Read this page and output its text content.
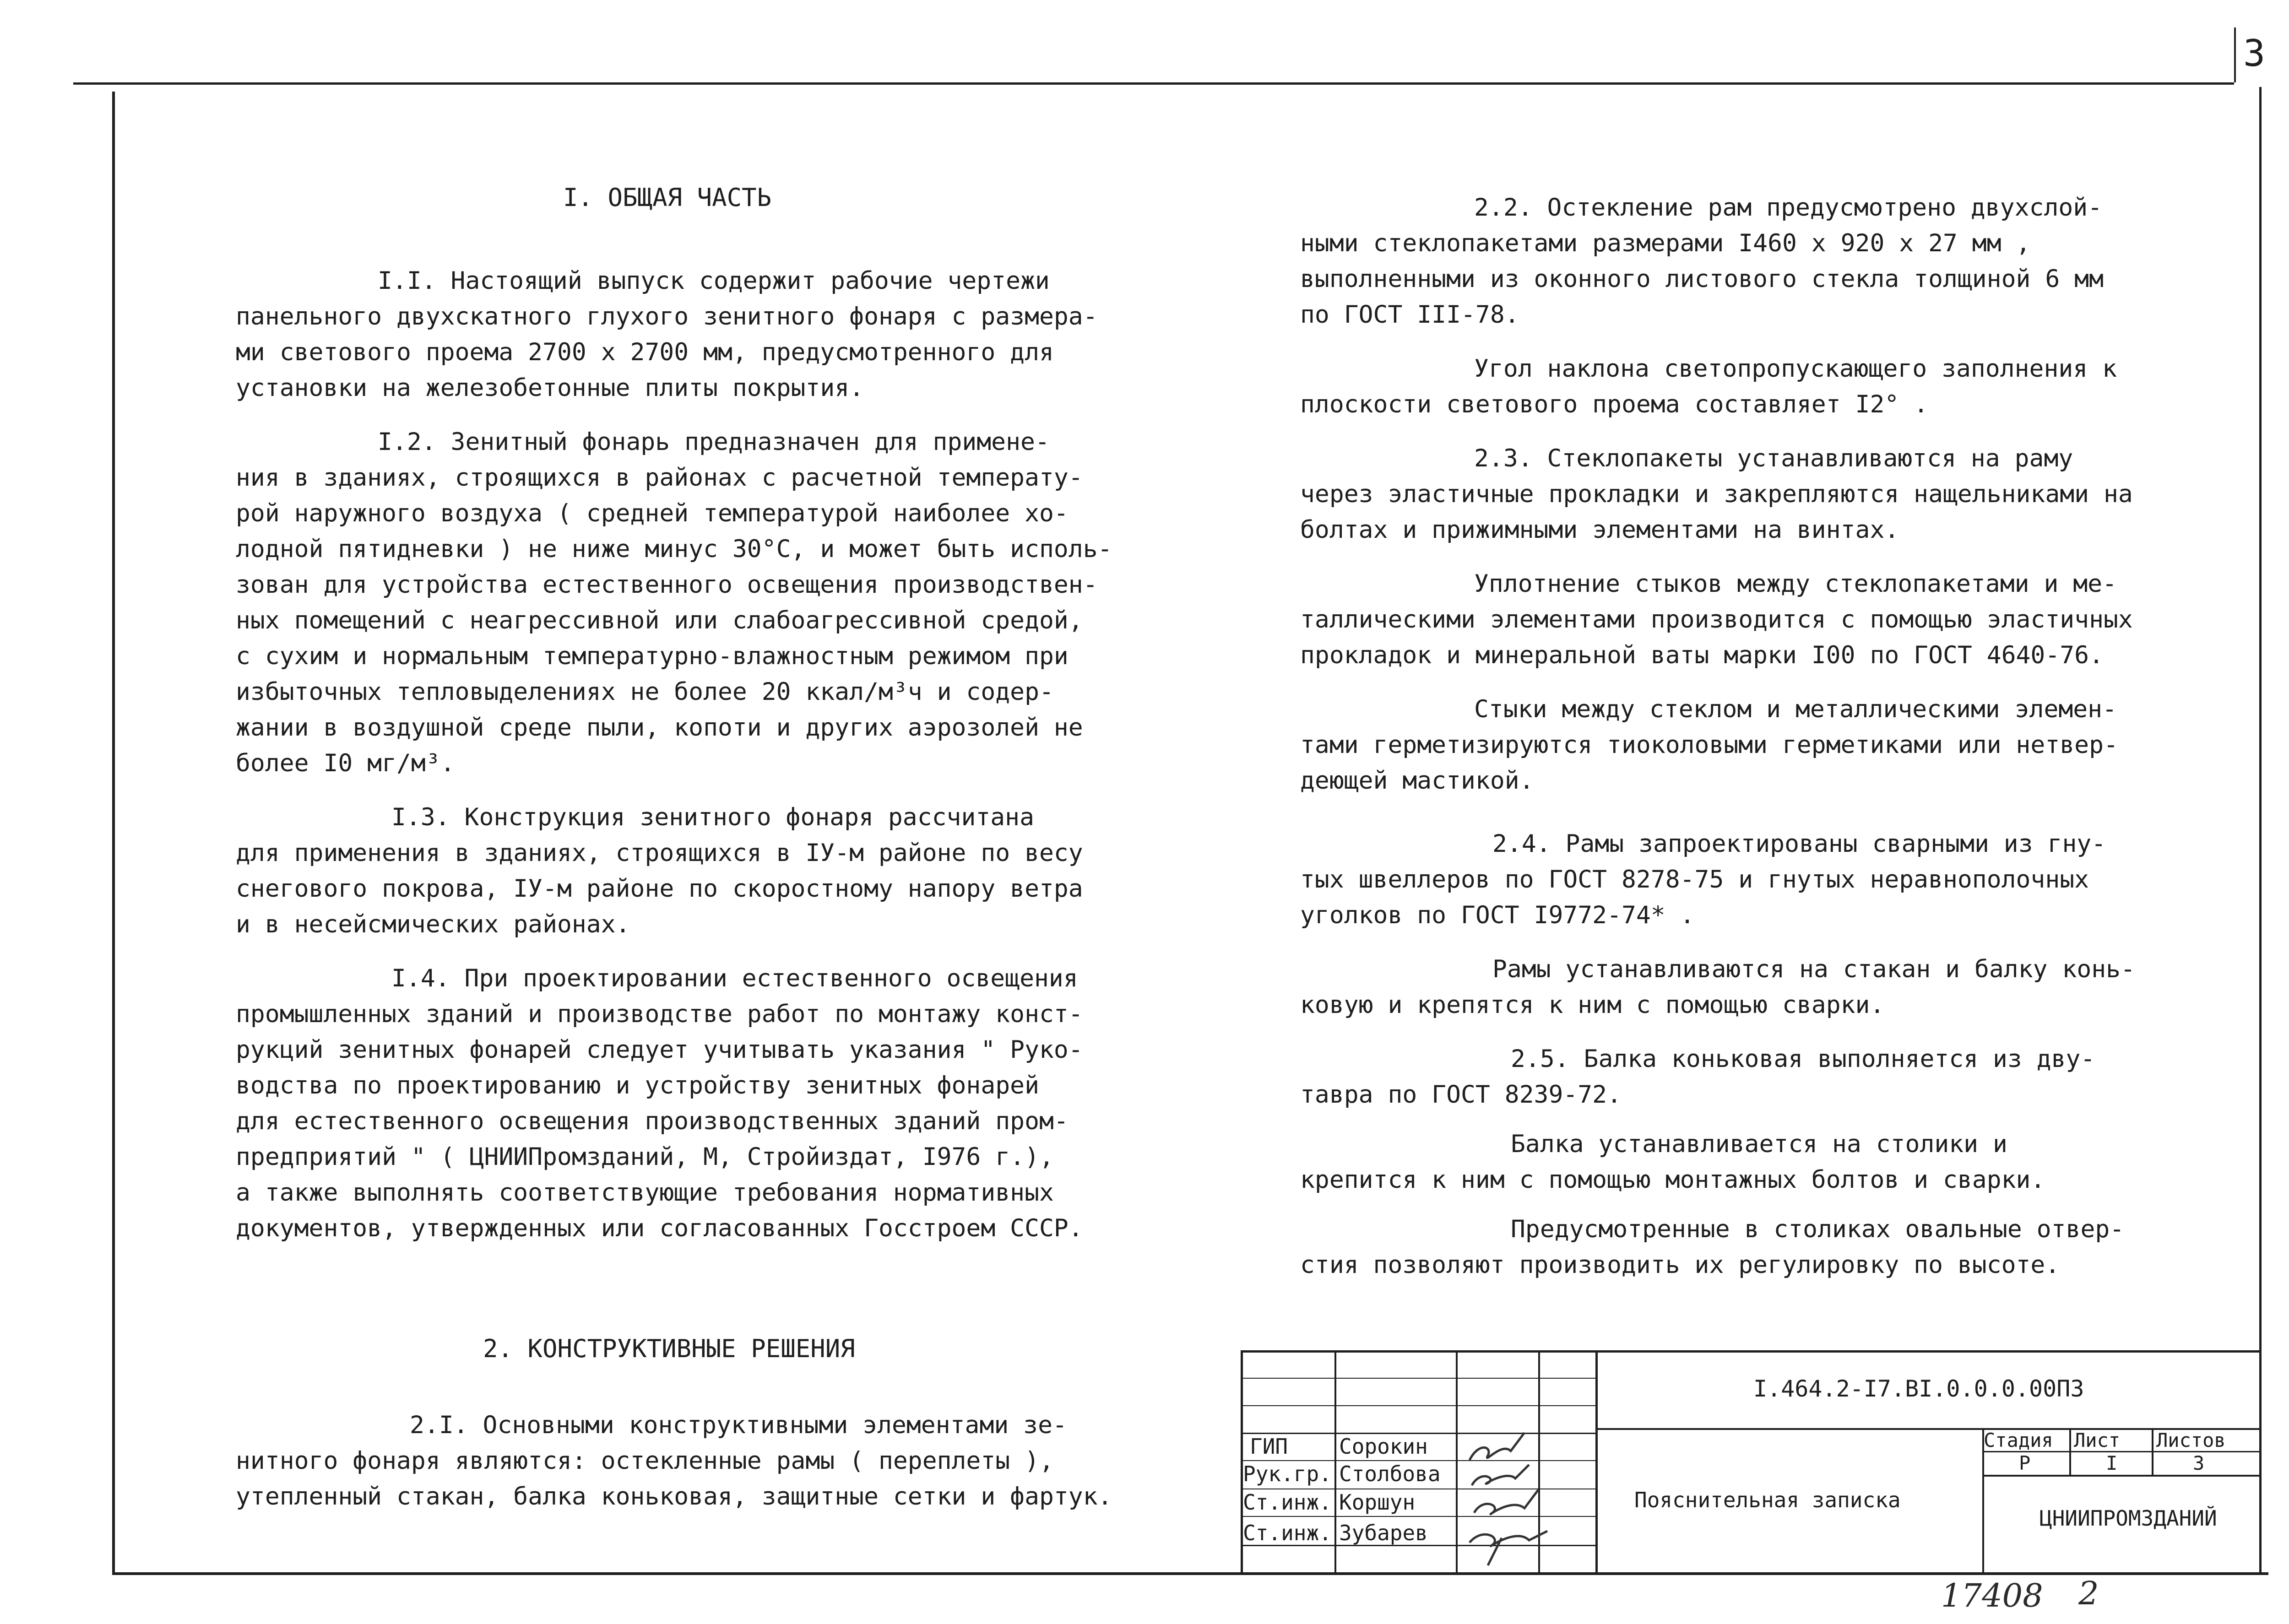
3
I. ОБЩАЯ ЧАСТЬ

I.I. Настоящий выпуск содержит рабочие чертежи
панельного двухскатного глухого зенитного фонаря с размера-
ми светового проема 2700 х 2700 мм, предусмотренного для
установки на железобетонные плиты покрытия.

I.2. Зенитный фонарь предназначен для примене-
ния в зданиях, строящихся в районах с расчетной температу-
рой наружного воздуха ( средней температурой наиболее хо-
лодной пятидневки ) не ниже минус 30°С, и может быть исполь-
зован для устройства естественного освещения производствен-
ных помещений с неагрессивной или слабоагрессивной средой,
с сухим и нормальным температурно-влажностным режимом при
избыточных тепловыделениях не более 20 ккал/м³ч и содер-
жании в воздушной среде пыли, копоти и других аэрозолей не
более I0 мг/м³.

I.3. Конструкция зенитного фонаря рассчитана
для применения в зданиях, строящихся в IУ-м районе по весу
снегового покрова, IУ-м районе по скоростному напору ветра
и в несейсмических районах.

I.4. При проектировании естественного освещения
промышленных зданий и производстве работ по монтажу конст-
рукций зенитных фонарей следует учитывать указания " Руко-
водства по проектированию и устройству зенитных фонарей
для естественного освещения производственных зданий пром-
предприятий " ( ЦНИИПромзданий, М, Стройиздат, I976 г.),
а также выполнять соответствующие требования нормативных
документов, утвержденных или согласованных Госстроем СССР.

2. КОНСТРУКТИВНЫЕ РЕШЕНИЯ

2.I. Основными конструктивными элементами зе-
нитного фонаря являются: остекленные рамы ( переплеты ),
утепленный стакан, балка коньковая, защитные сетки и фартук.

2.2. Остекление рам предусмотрено двухслой-
ными стеклопакетами размерами I460 х 920 х 27 мм ,
выполненными из оконного листового стекла толщиной 6 мм
по ГОСТ III-78.

Угол наклона светопропускающего заполнения к
плоскости светового проема составляет I2° .

2.3. Стеклопакеты устанавливаются на раму
через эластичные прокладки и закрепляются нащельниками на
болтах и прижимными элементами на винтах.

Уплотнение стыков между стеклопакетами и ме-
таллическими элементами производится с помощью эластичных
прокладок и минеральной ваты марки I00 по ГОСТ 4640-76.

Стыки между стеклом и металлическими элемен-
тами герметизируются тиоколовыми герметиками или нетвер-
деющей мастикой.

2.4. Рамы запроектированы сварными из гну-
тых швеллеров по ГОСТ 8278-75 и гнутых неравнополочных
уголков по ГОСТ I9772-74* .

Рамы устанавливаются на стакан и балку конь-
ковую и крепятся к ним с помощью сварки.

2.5. Балка коньковая выполняется из дву-
тавра по ГОСТ 8239-72.

Балка устанавливается на столики и
крепится к ним с помощью монтажных болтов и сварки.

Предусмотренные в столиках овальные отвер-
стия позволяют производить их регулировку по высоте.

I.464.2-I7.BI.0.0.0.00ПЗ
Пояснительная записка
Стадия Лист Листов
Р	I	3
ЦНИИПРОМЗДАНИЙ
ГИП
Рук.гр.
Ст.инж.
Ст.инж.
Сорокин
Столбова
Коршун
Зубарев
17408 2
